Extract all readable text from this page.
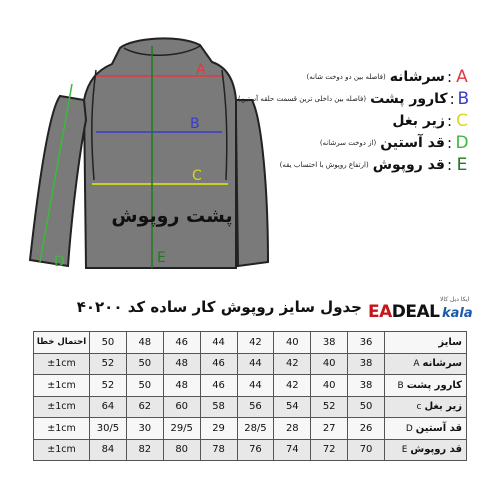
A
B
C
D	E
پشت روپوش
A
:
سرشانه
(فاصله بین دو دوخت شانه)
B
:
کارور پشت
(فاصله بین داخلی ترین قسمت حلقه آستین)
C
:
زیر بغل
D
:
قد آستین
(از دوخت سرشانه)
E
:
قد روپوش
(ارتفاع روپوش با احتساب یقه)
ایکا دیل کالا
EADEAL kala
جدول سایز روپوش کار ساده کد ۴۰۲۰۰
احتمال خطا	50	48	46	44	42	40	38	36	سایز
±1cm	52	50	48	46	44	42	40	38	سرشانهA
±1cm	52	50	48	46	44	42	40	38	کارور پشتB
±1cm	64	62	60	58	56	54	52	50	زیر بغلc
±1cm	30/5	30	29/5	29	28/5	28	27	26	قد آستینD
±1cm	84	82	80	78	76	74	72	70	قد روپوشE
